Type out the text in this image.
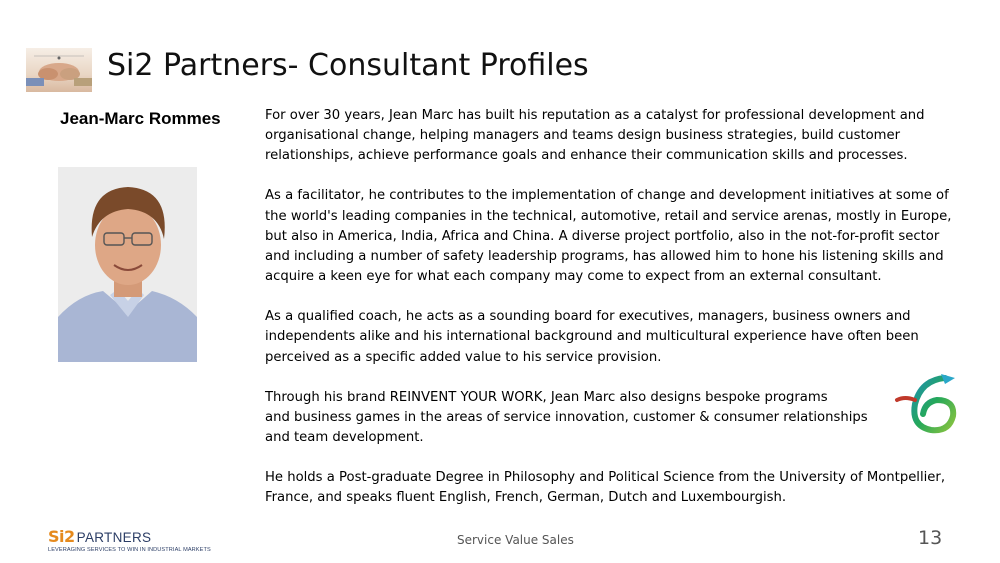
Si2 Partners- Consultant Profiles
Jean-Marc Rommes	For over 30 years, Jean Marc has built his reputation as a catalyst for professional development and
organisational change, helping managers and teams design business strategies, build customer
relationships, achieve performance goals and enhance their communication skills and processes.

As a facilitator, he contributes to the implementation of change and development initiatives at some of
the world's leading companies in the technical, automotive, retail and service arenas, mostly in Europe,
but also in America, India, Africa and China. A diverse project portfolio, also in the not-for-profit sector
and including a number of safety leadership programs, has allowed him to hone his listening skills and
acquire a keen eye for what each company may come to expect from an external consultant.

As a qualified coach, he acts as a sounding board for executives, managers, business owners and
independents alike and his international background and multicultural experience have often been
perceived as a specific added value to his service provision.

Through his brand REINVENT YOUR WORK, Jean Marc also designs bespoke programs
and business games in the areas of service innovation, customer & consumer relationships
and team development.

He holds a Post-graduate Degree in Philosophy and Political Science from the University of Montpellier,
France, and speaks fluent English, French, German, Dutch and Luxembourgish.

Si2 PARTNERS
LEVERAGING SERVICES TO WIN IN INDUSTRIAL MARKETS
Service Value Sales	13
